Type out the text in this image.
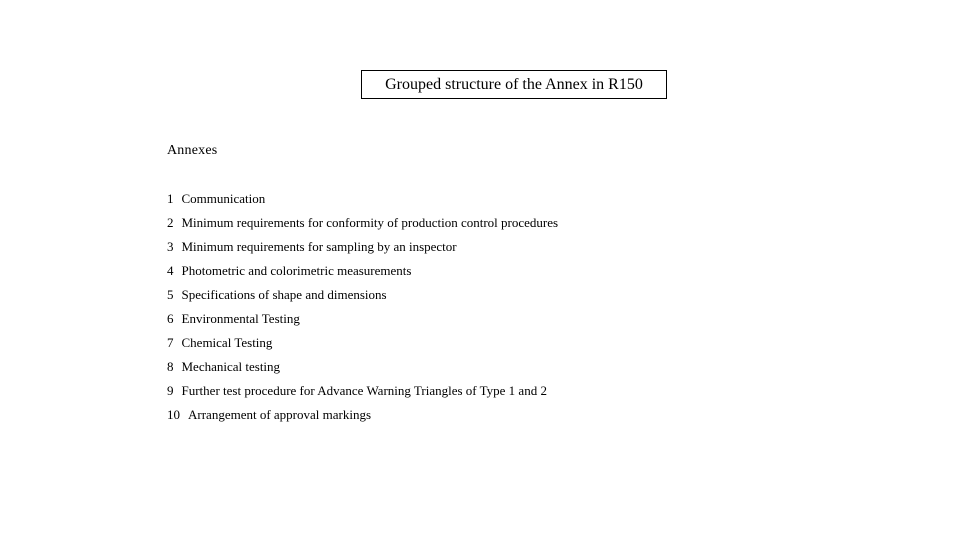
Grouped structure of the Annex in R150
Annexes
1 Communication
2 Minimum requirements for conformity of production control procedures
3 Minimum requirements for sampling by an inspector
4 Photometric and colorimetric measurements
5 Specifications of shape and dimensions
6 Environmental Testing
7 Chemical Testing
8 Mechanical testing
9 Further test procedure for Advance Warning Triangles of Type 1 and 2
10 Arrangement of approval markings
